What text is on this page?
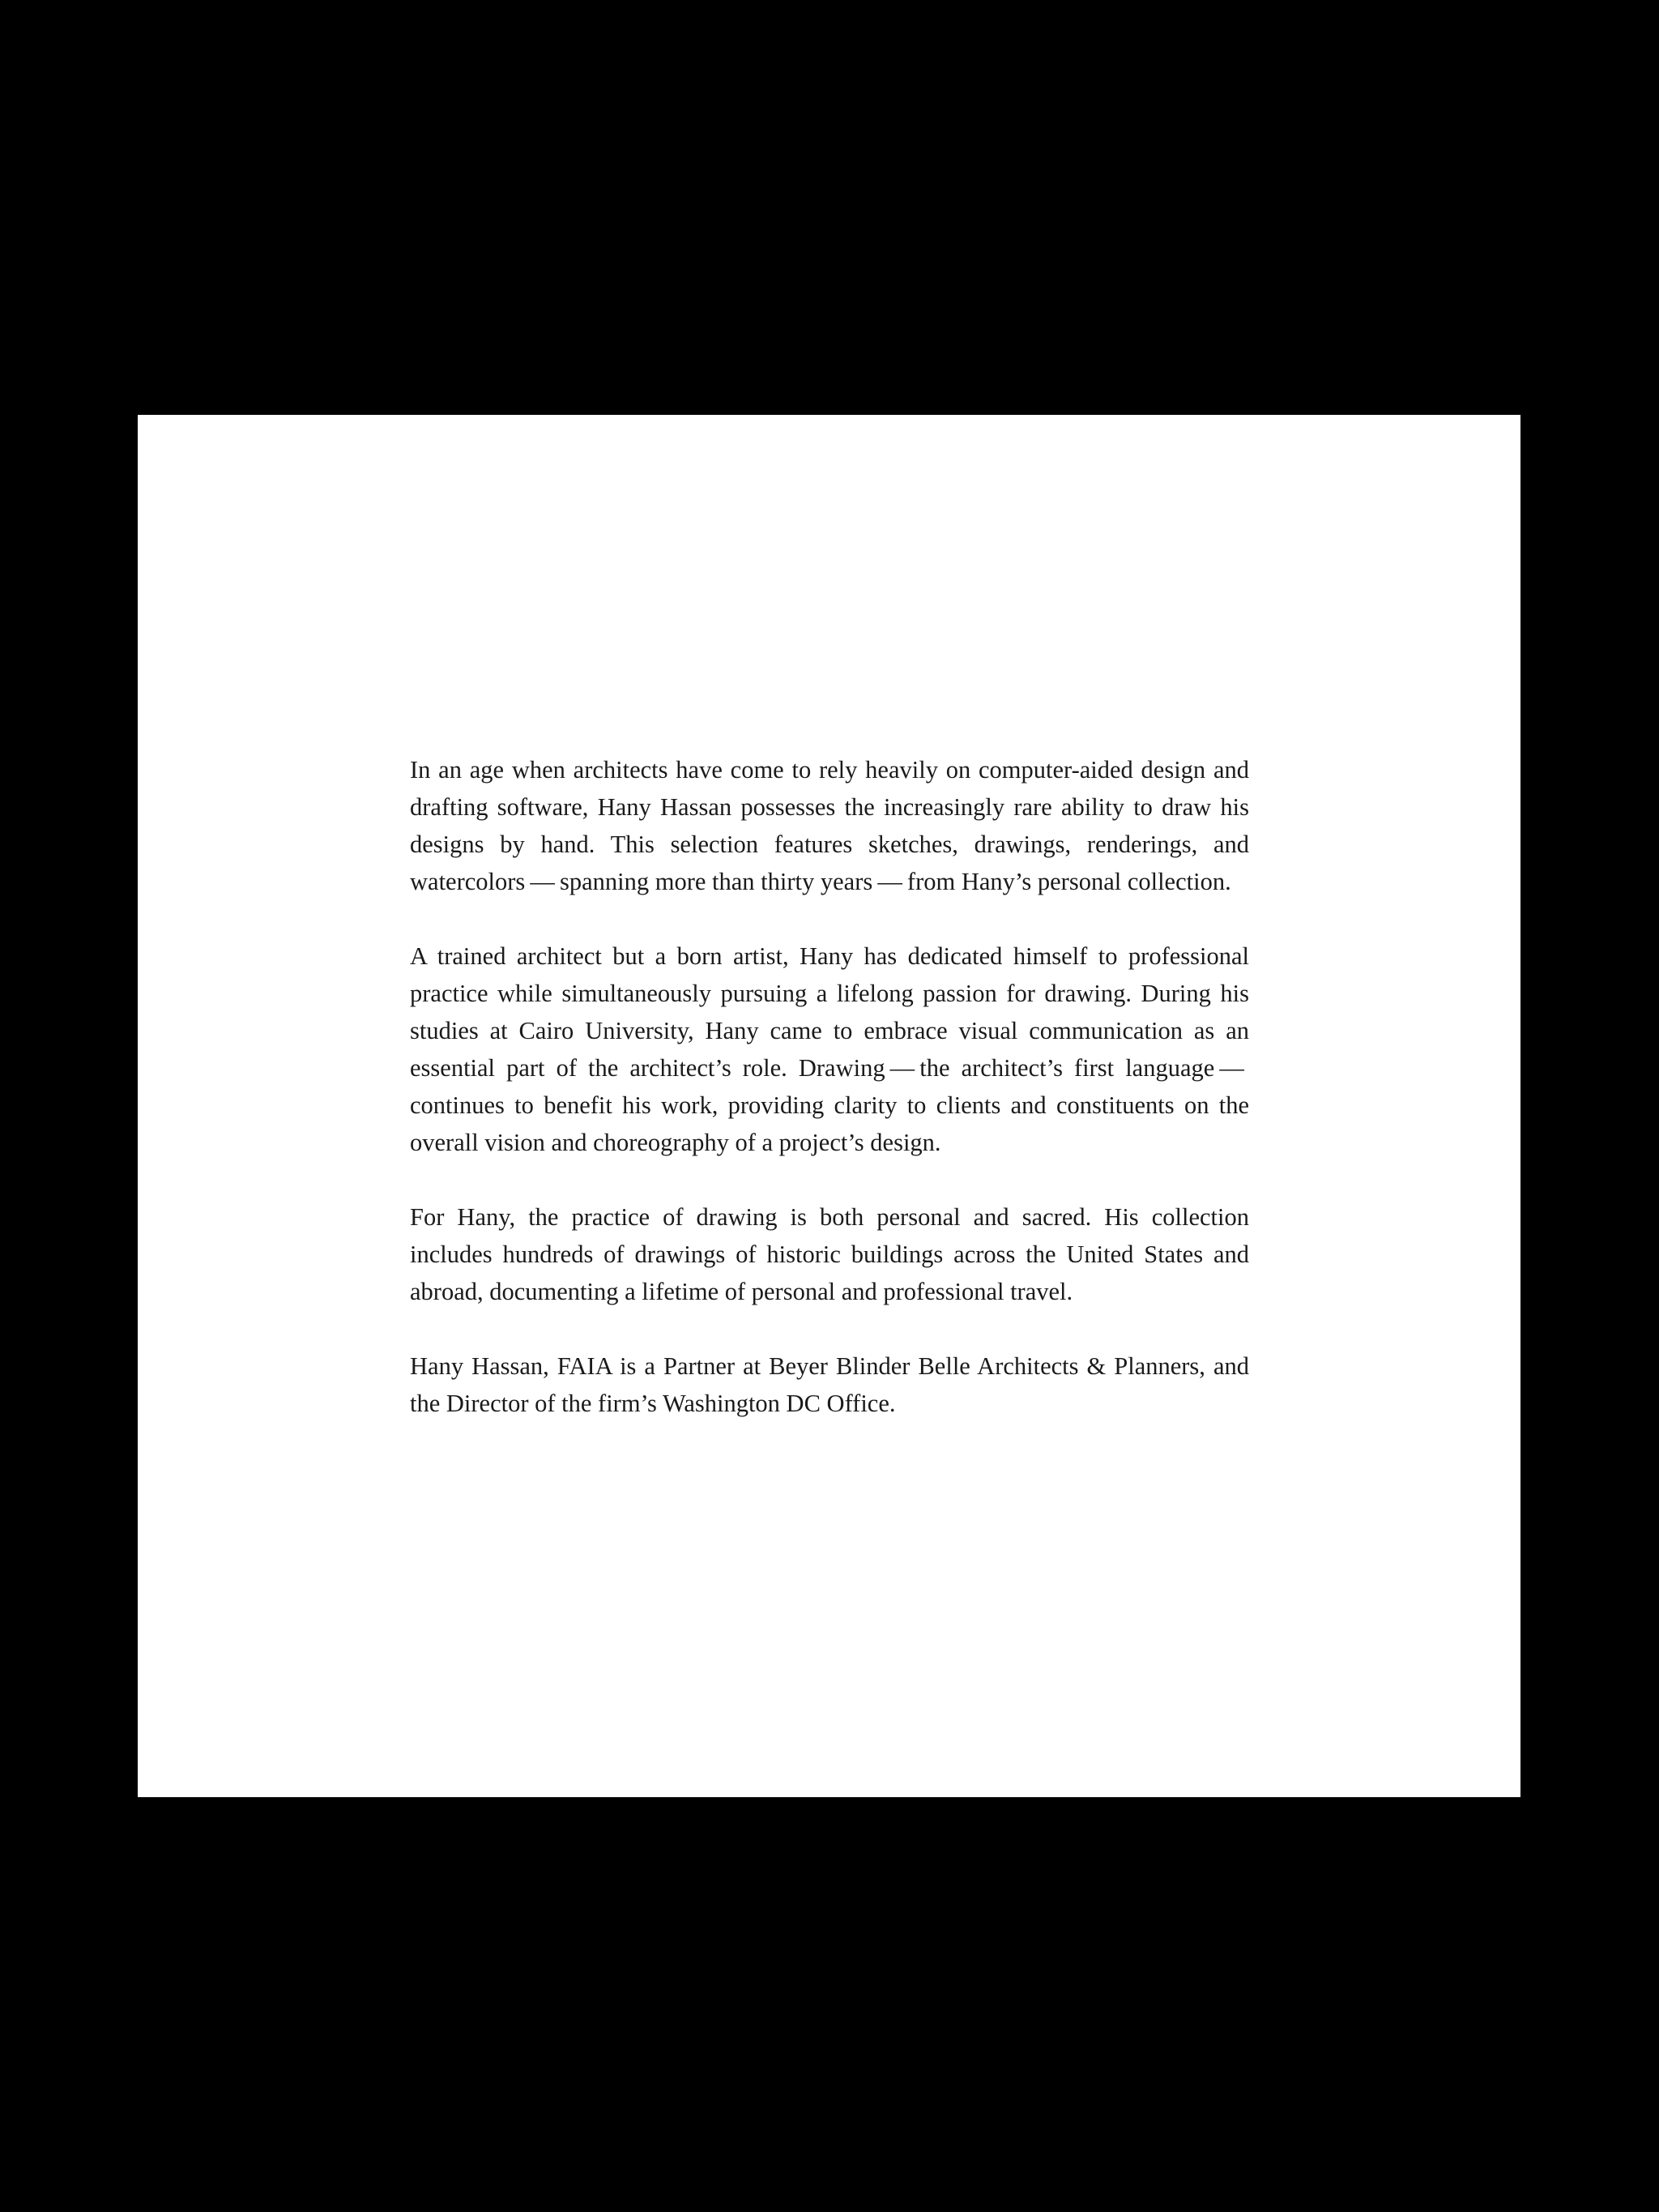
In an age when architects have come to rely heavily on computer-aided design and drafting software, Hany Hassan possesses the increasingly rare ability to draw his designs by hand. This selection features sketches, drawings, renderings, and watercolors — spanning more than thirty years — from Hany’s personal collection.

A trained architect but a born artist, Hany has dedicated himself to professional practice while simultaneously pursuing a lifelong passion for drawing. During his studies at Cairo University, Hany came to embrace visual communication as an essential part of the architect’s role. Drawing — the architect’s first language — continues to benefit his work, providing clarity to clients and constituents on the overall vision and choreography of a project’s design.

For Hany, the practice of drawing is both personal and sacred. His collection includes hundreds of drawings of historic buildings across the United States and abroad, documenting a lifetime of personal and professional travel.

Hany Hassan, FAIA is a Partner at Beyer Blinder Belle Architects & Planners, and the Director of the firm’s Washington DC Office.
